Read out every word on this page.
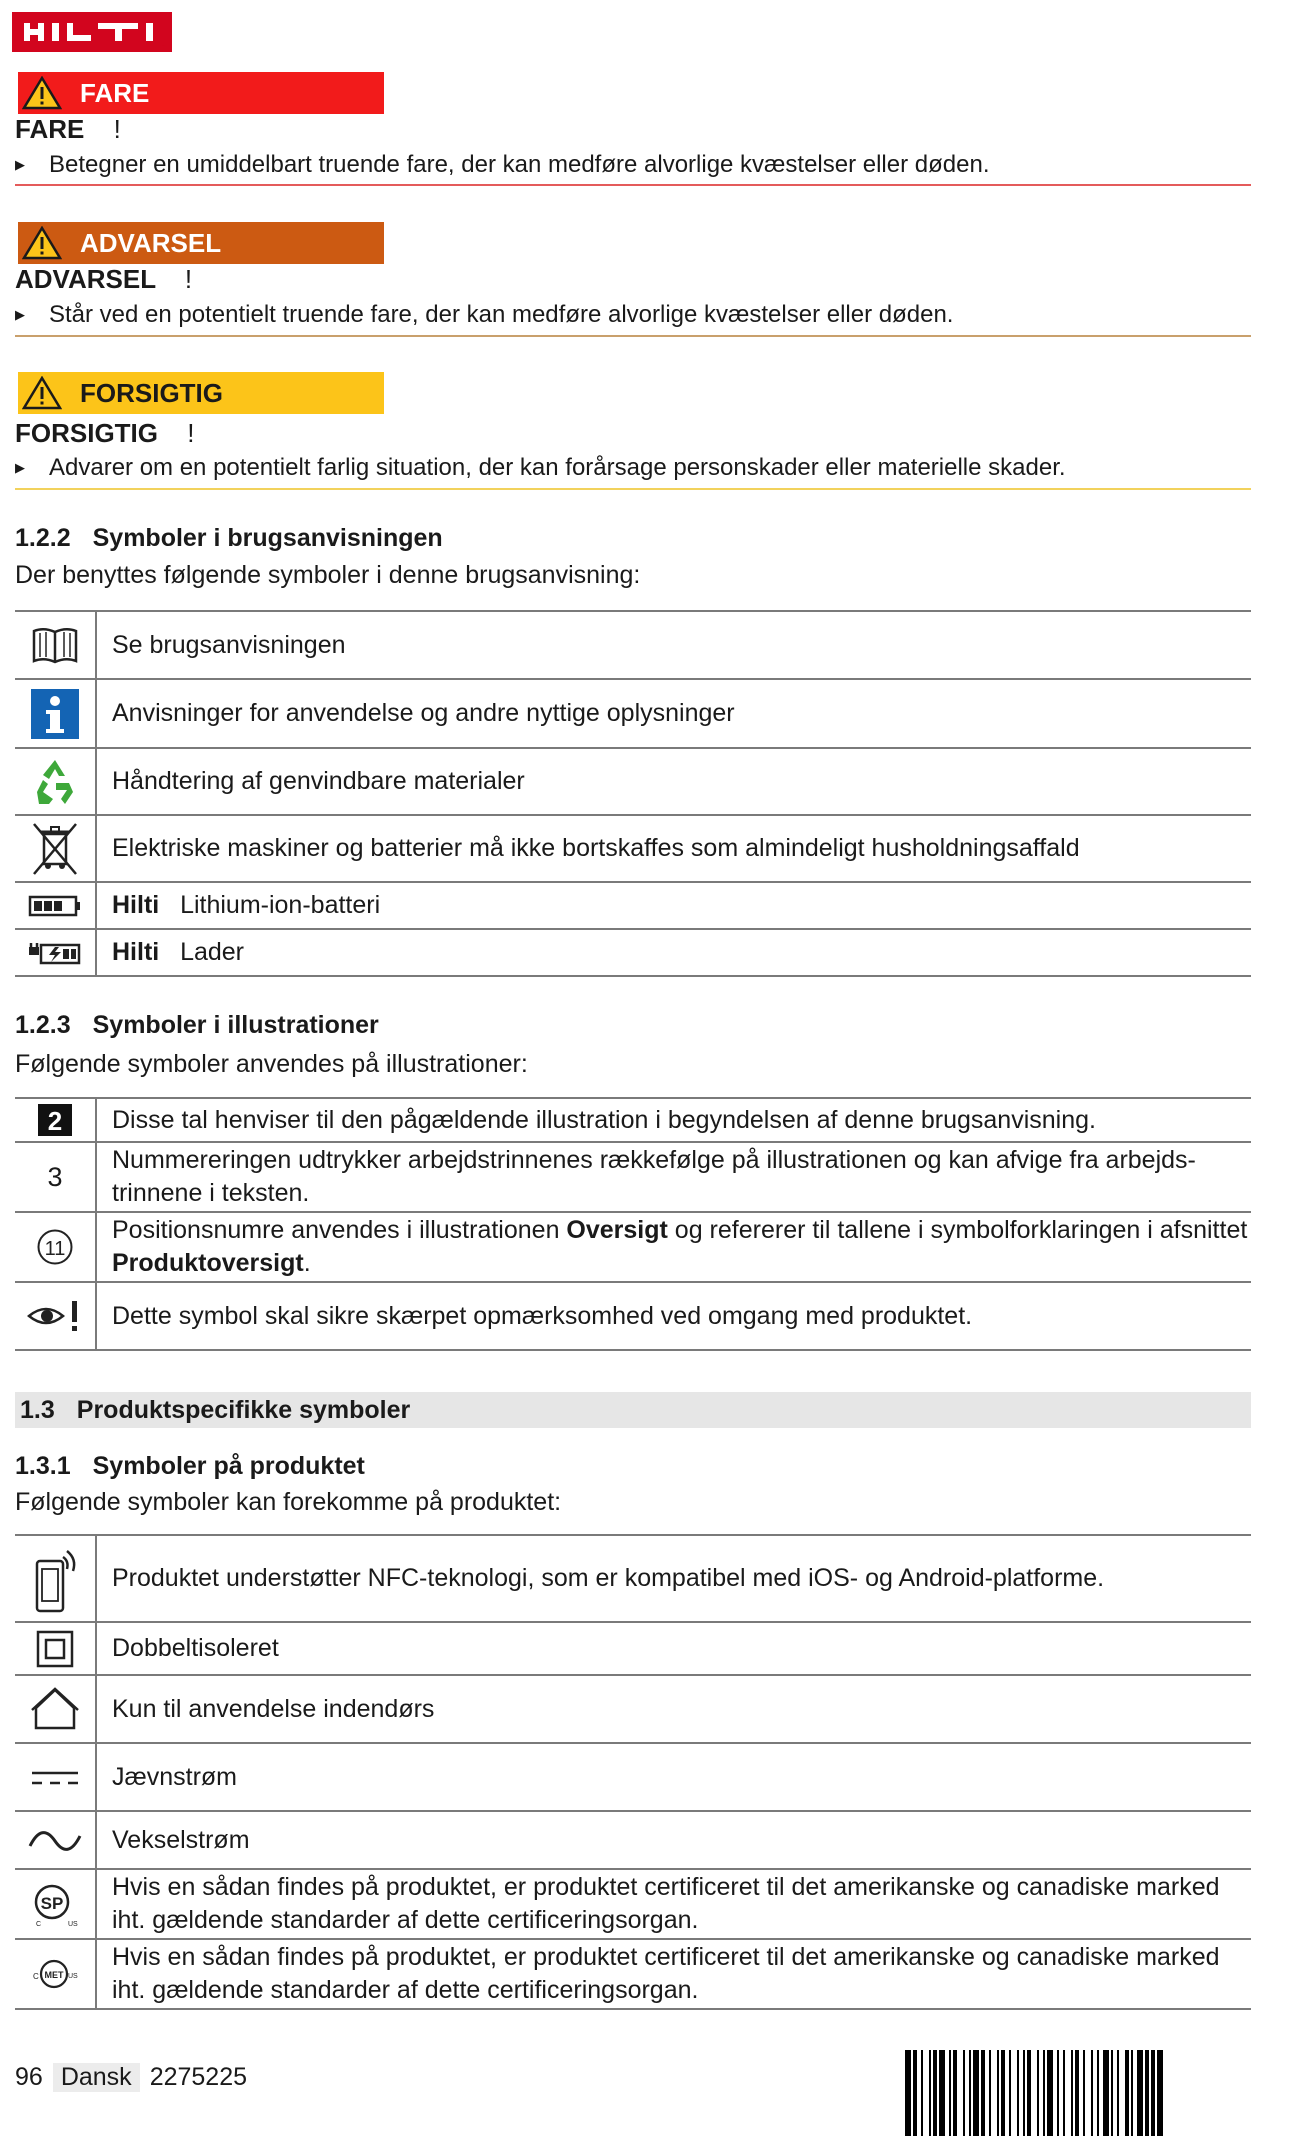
HILTI
FARE
FARE !
▶ Betegner en umiddelbart truende fare, der kan medføre alvorlige kvæstelser eller døden.
ADVARSEL
ADVARSEL !
▶ Står ved en potentielt truende fare, der kan medføre alvorlige kvæstelser eller døden.
FORSIGTIG
FORSIGTIG !
▶ Advarer om en potentielt farlig situation, der kan forårsage personskader eller materielle skader.
1.2.2 Symboler i brugsanvisningen
Der benyttes følgende symboler i denne brugsanvisning:
	Se brugsanvisningen
	Anvisninger for anvendelse og andre nyttige oplysninger
	Håndtering af genvindbare materialer
	Elektriske maskiner og batterier må ikke bortskaffes som almindeligt husholdningsaffald
	Hilti Lithium-ion-batteri
	Hilti Lader
1.2.3 Symboler i illustrationer
Følgende symboler anvendes på illustrationer:
2	Disse tal henviser til den pågældende illustration i begyndelsen af denne brugsanvisning.
3	Nummereringen udtrykker arbejdstrinnenes rækkefølge på illustrationen og kan afvige fra arbejds-trinnene i teksten.

11	Positionsnumre anvendes i illustrationen Oversigt og refererer til tallene i symbolforklaringen i afsnittet Produktoversigt.
	Dette symbol skal sikre skærpet opmærksomhed ved omgang med produktet.
1.3 Produktspecifikke symboler
1.3.1 Symboler på produktet
Følgende symboler kan forekomme på produktet:
	Produktet understøtter NFC-teknologi, som er kompatibel med iOS- og Android-platforme.
	Dobbeltisoleret
	Kun til anvendelse indendørs
	Jævnstrøm
	Vekselstrøm

SP
C US	Hvis en sådan findes på produktet, er produktet certificeret til det amerikanske og canadiske marked iht. gældende standarder af dette certificeringsorgan.

MET
C US	Hvis en sådan findes på produktet, er produktet certificeret til det amerikanske og canadiske marked iht. gældende standarder af dette certificeringsorgan.
96 Dansk 2275225
